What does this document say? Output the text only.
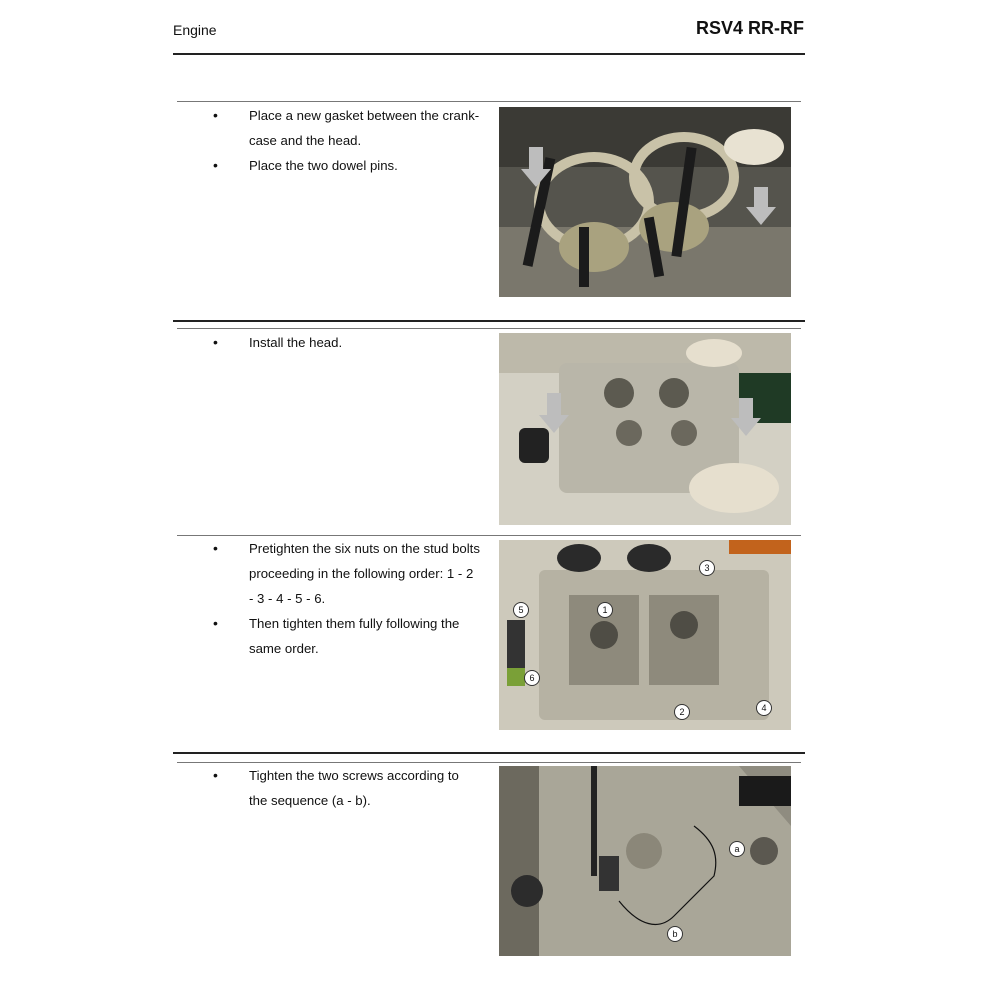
Engine	RSV4 RR-RF
• Place a new gasket between the crank-
case and the head.
• Place the two dowel pins.
• Install the head.
• Pretighten the six nuts on the stud bolts
proceeding in the following order: 1 - 2
- 3 - 4 - 5 - 6.
• Then tighten them fully following the
same order.
1
2
3
4
5
6
• Tighten the two screws according to
the sequence (a - b).
a
b
